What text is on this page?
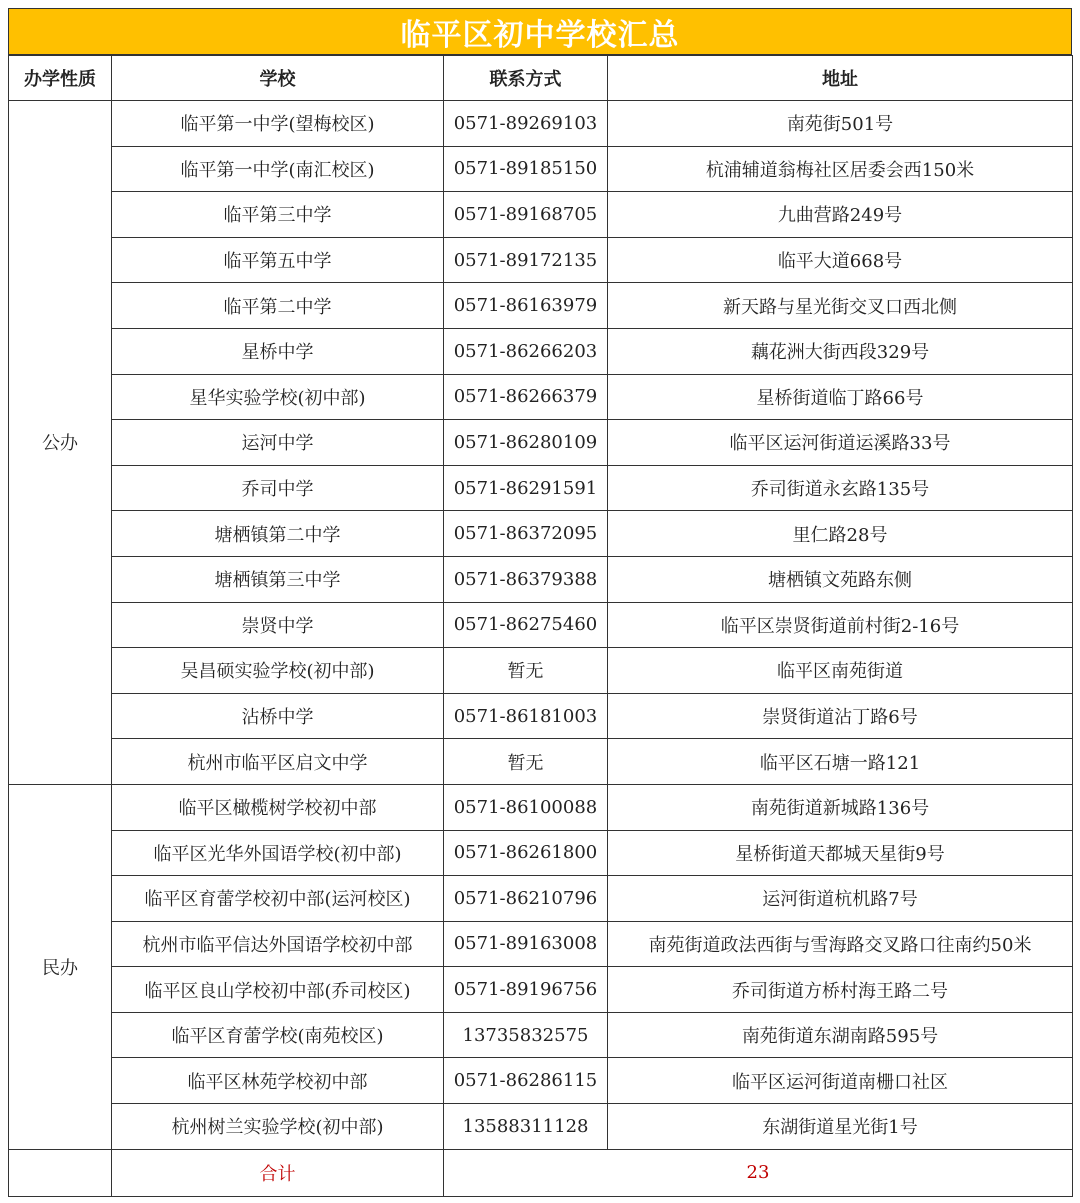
临平区初中学校汇总
办学性质	学校	联系方式	地址
公办	临平第一中学(望梅校区)	0571-89269103	南苑街501号
	临平第一中学(南汇校区)	0571-89185150	杭浦辅道翁梅社区居委会西150米
	临平第三中学	0571-89168705	九曲营路249号
	临平第五中学	0571-89172135	临平大道668号
	临平第二中学	0571-86163979	新天路与星光街交叉口西北侧
	星桥中学	0571-86266203	藕花洲大街西段329号
	星华实验学校(初中部)	0571-86266379	星桥街道临丁路66号
	运河中学	0571-86280109	临平区运河街道运溪路33号
	乔司中学	0571-86291591	乔司街道永玄路135号
	塘栖镇第二中学	0571-86372095	里仁路28号
	塘栖镇第三中学	0571-86379388	塘栖镇文苑路东侧
	崇贤中学	0571-86275460	临平区崇贤街道前村街2-16号
	吴昌硕实验学校(初中部)	暂无	临平区南苑街道
	沾桥中学	0571-86181003	崇贤街道沾丁路6号
	杭州市临平区启文中学	暂无	临平区石塘一路121
民办	临平区橄榄树学校初中部	0571-86100088	南苑街道新城路136号
	临平区光华外国语学校(初中部)	0571-86261800	星桥街道天都城天星街9号
	临平区育蕾学校初中部(运河校区)	0571-86210796	运河街道杭机路7号
	杭州市临平信达外国语学校初中部	0571-89163008	南苑街道政法西街与雪海路交叉路口往南约50米
	临平区良山学校初中部(乔司校区)	0571-89196756	乔司街道方桥村海王路二号
	临平区育蕾学校(南苑校区)	13735832575	南苑街道东湖南路595号
	临平区林苑学校初中部	0571-86286115	临平区运河街道南栅口社区
	杭州树兰实验学校(初中部)	13588311128	东湖街道星光街1号
	合计	23	
